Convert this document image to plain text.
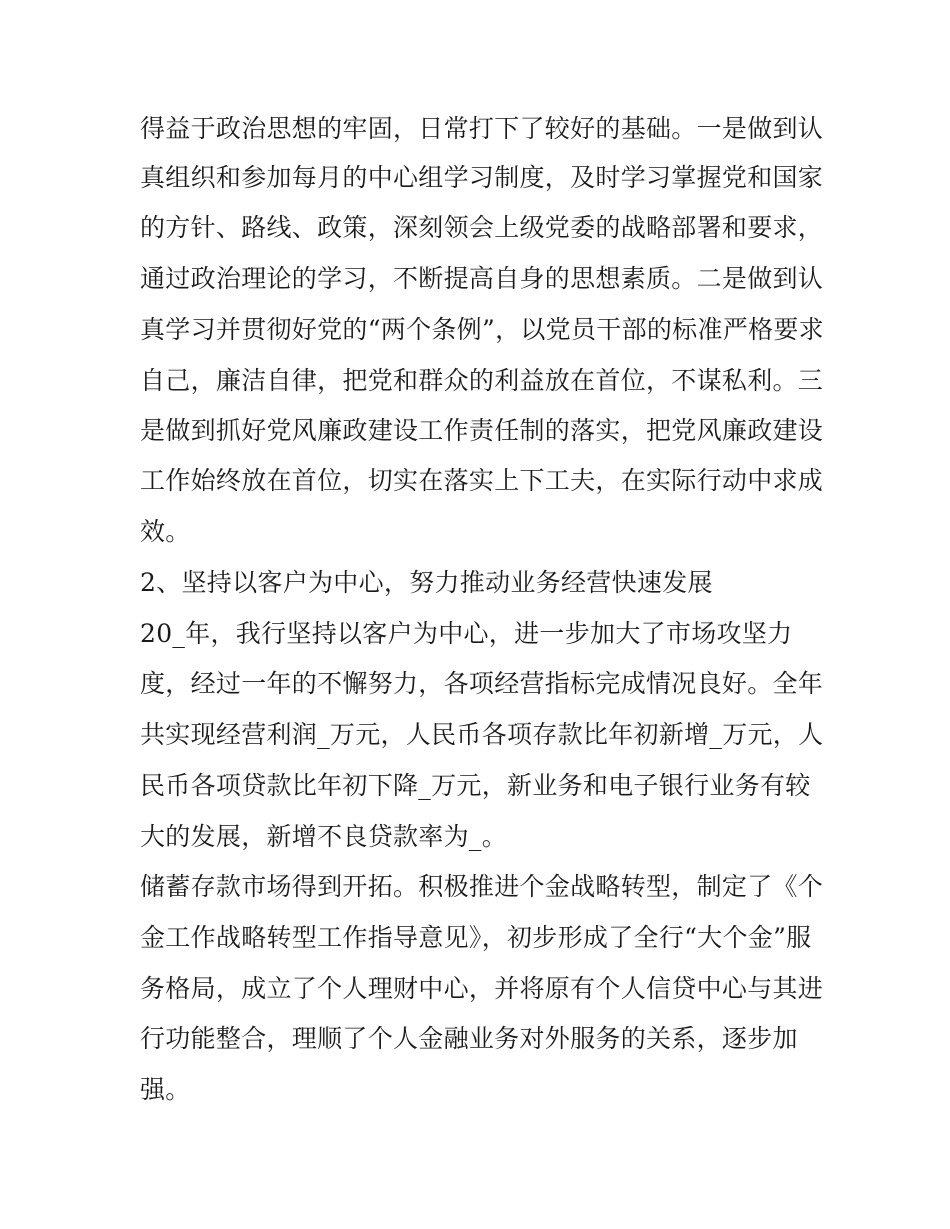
得益于政治思想的牢固，日常打下了较好的基础。一是做到认
真组织和参加每月的中心组学习制度，及时学习掌握党和国家
的方针、路线、政策，深刻领会上级党委的战略部署和要求，
通过政治理论的学习，不断提高自身的思想素质。二是做到认
真学习并贯彻好党的“两个条例”，以党员干部的标准严格要求
自己，廉洁自律，把党和群众的利益放在首位，不谋私利。三
是做到抓好党风廉政建设工作责任制的落实，把党风廉政建设
工作始终放在首位，切实在落实上下工夫，在实际行动中求成
效。
2、坚持以客户为中心，努力推动业务经营快速发展
20_年，我行坚持以客户为中心，进一步加大了市场攻坚力
度，经过一年的不懈努力，各项经营指标完成情况良好。全年
共实现经营利润_万元，人民币各项存款比年初新增_万元，人
民币各项贷款比年初下降_万元，新业务和电子银行业务有较
大的发展，新增不良贷款率为_。
储蓄存款市场得到开拓。积极推进个金战略转型，制定了《个
金工作战略转型工作指导意见》，初步形成了全行“大个金”服
务格局，成立了个人理财中心，并将原有个人信贷中心与其进
行功能整合，理顺了个人金融业务对外服务的关系，逐步加
强。
